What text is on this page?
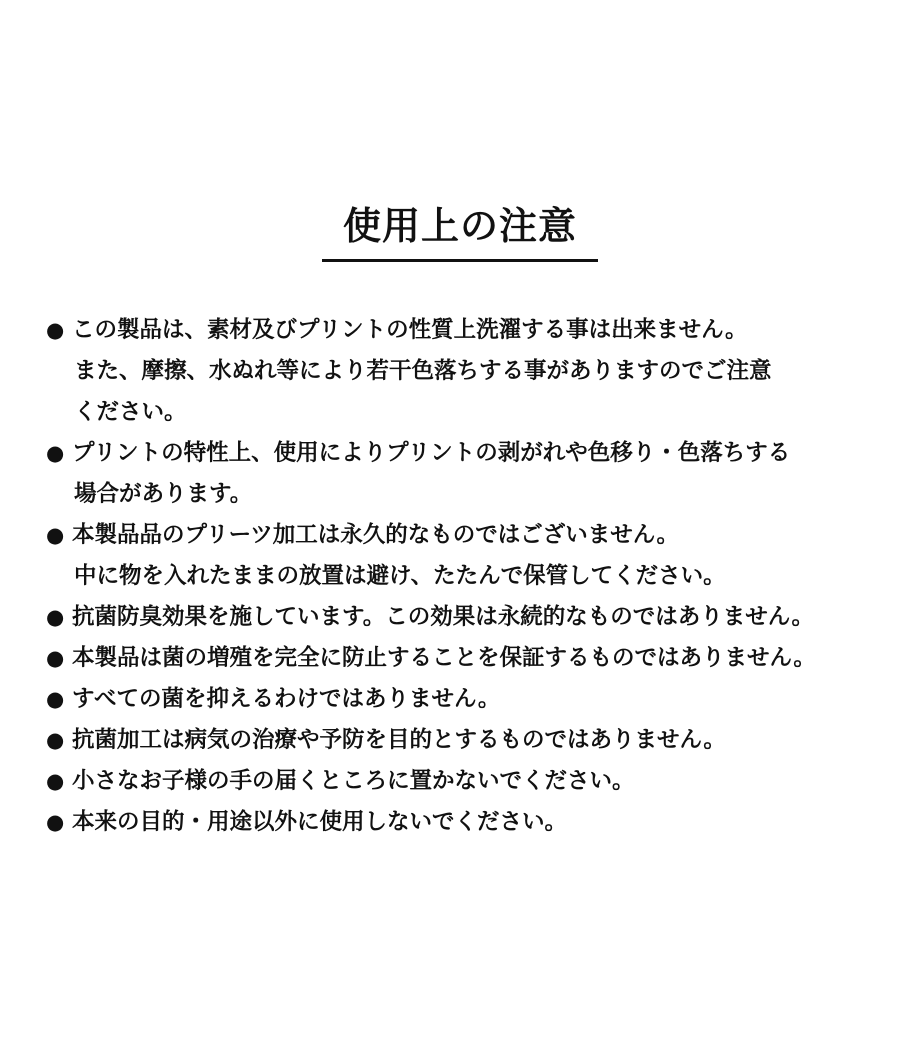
使用上の注意
● この製品は、素材及びプリントの性質上洗濯する事は出来ません。
また、摩擦、水ぬれ等により若干色落ちする事がありますのでご注意
ください。
● プリントの特性上、使用によりプリントの剥がれや色移り・色落ちする
場合があります。
● 本製品品のプリーツ加工は永久的なものではございません。
中に物を入れたままの放置は避け、たたんで保管してください。
● 抗菌防臭効果を施しています。この効果は永続的なものではありません。
● 本製品は菌の増殖を完全に防止することを保証するものではありません。
● すべての菌を抑えるわけではありません。
● 抗菌加工は病気の治療や予防を目的とするものではありません。
● 小さなお子様の手の届くところに置かないでください。
● 本来の目的・用途以外に使用しないでください。
